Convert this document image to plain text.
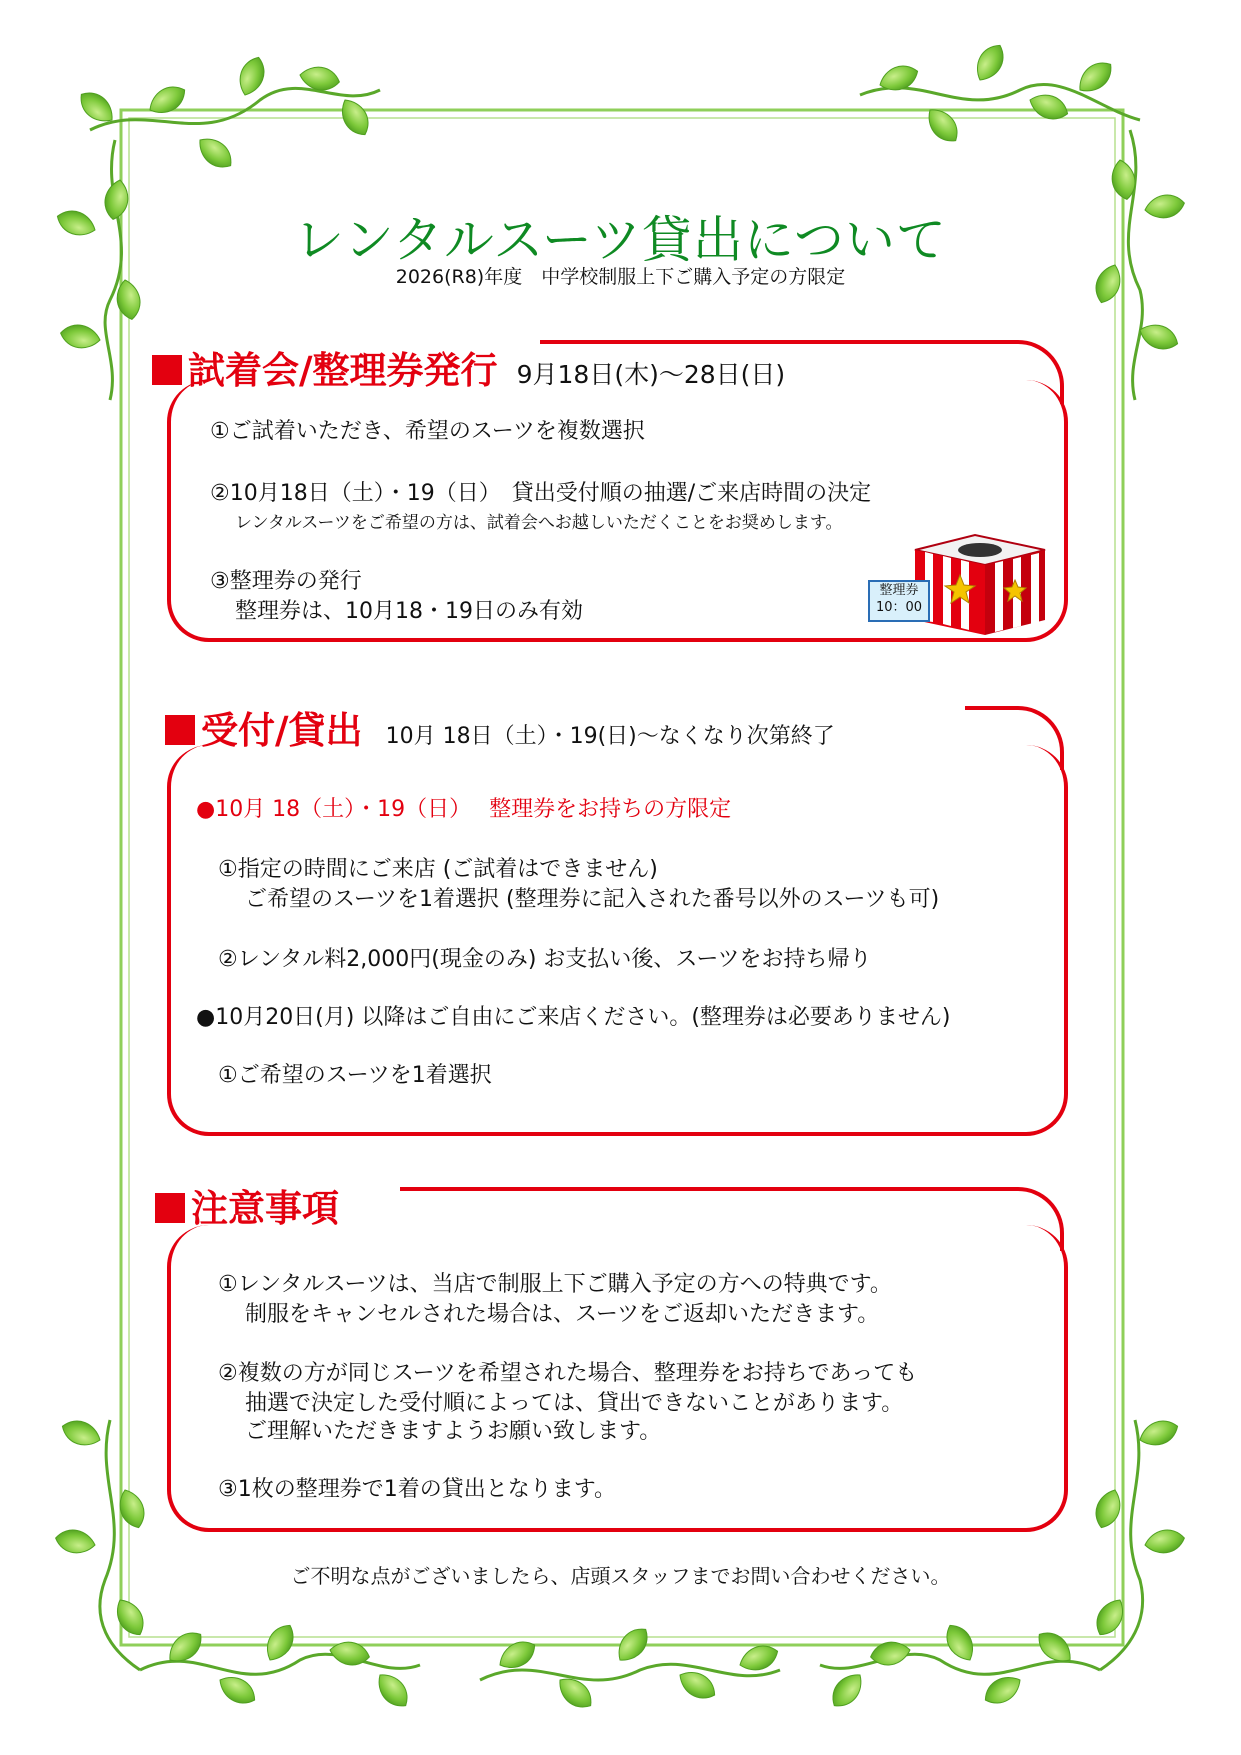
レンタルスーツ貸出について
2026(R8)年度　中学校制服上下ご購入予定の方限定
試着会/整理券発行 9月18日(木)～28日(日)
①ご試着いただき、希望のスーツを複数選択
②10月18日（土）・19（日）　貸出受付順の抽選/ご来店時間の決定
レンタルスーツをご希望の方は、試着会へお越しいただくことをお奨めします。
③整理券の発行
整理券は、10月18・19日のみ有効
整理券
10：00
受付/貸出 10月 18日（土）・19(日)～なくなり次第終了
●10月 18（土）・19（日）　 整理券をお持ちの方限定
①指定の時間にご来店 (ご試着はできません)
ご希望のスーツを1着選択 (整理券に記入された番号以外のスーツも可)
②レンタル料2,000円(現金のみ) お支払い後、スーツをお持ち帰り
●10月20日(月) 以降はご自由にご来店ください。(整理券は必要ありません)
①ご希望のスーツを1着選択
注意事項
①レンタルスーツは、当店で制服上下ご購入予定の方への特典です。
制服をキャンセルされた場合は、スーツをご返却いただきます。
②複数の方が同じスーツを希望された場合、整理券をお持ちであっても
抽選で決定した受付順によっては、貸出できないことがあります。
ご理解いただきますようお願い致します。
③1枚の整理券で1着の貸出となります。
ご不明な点がございましたら、店頭スタッフまでお問い合わせください。
